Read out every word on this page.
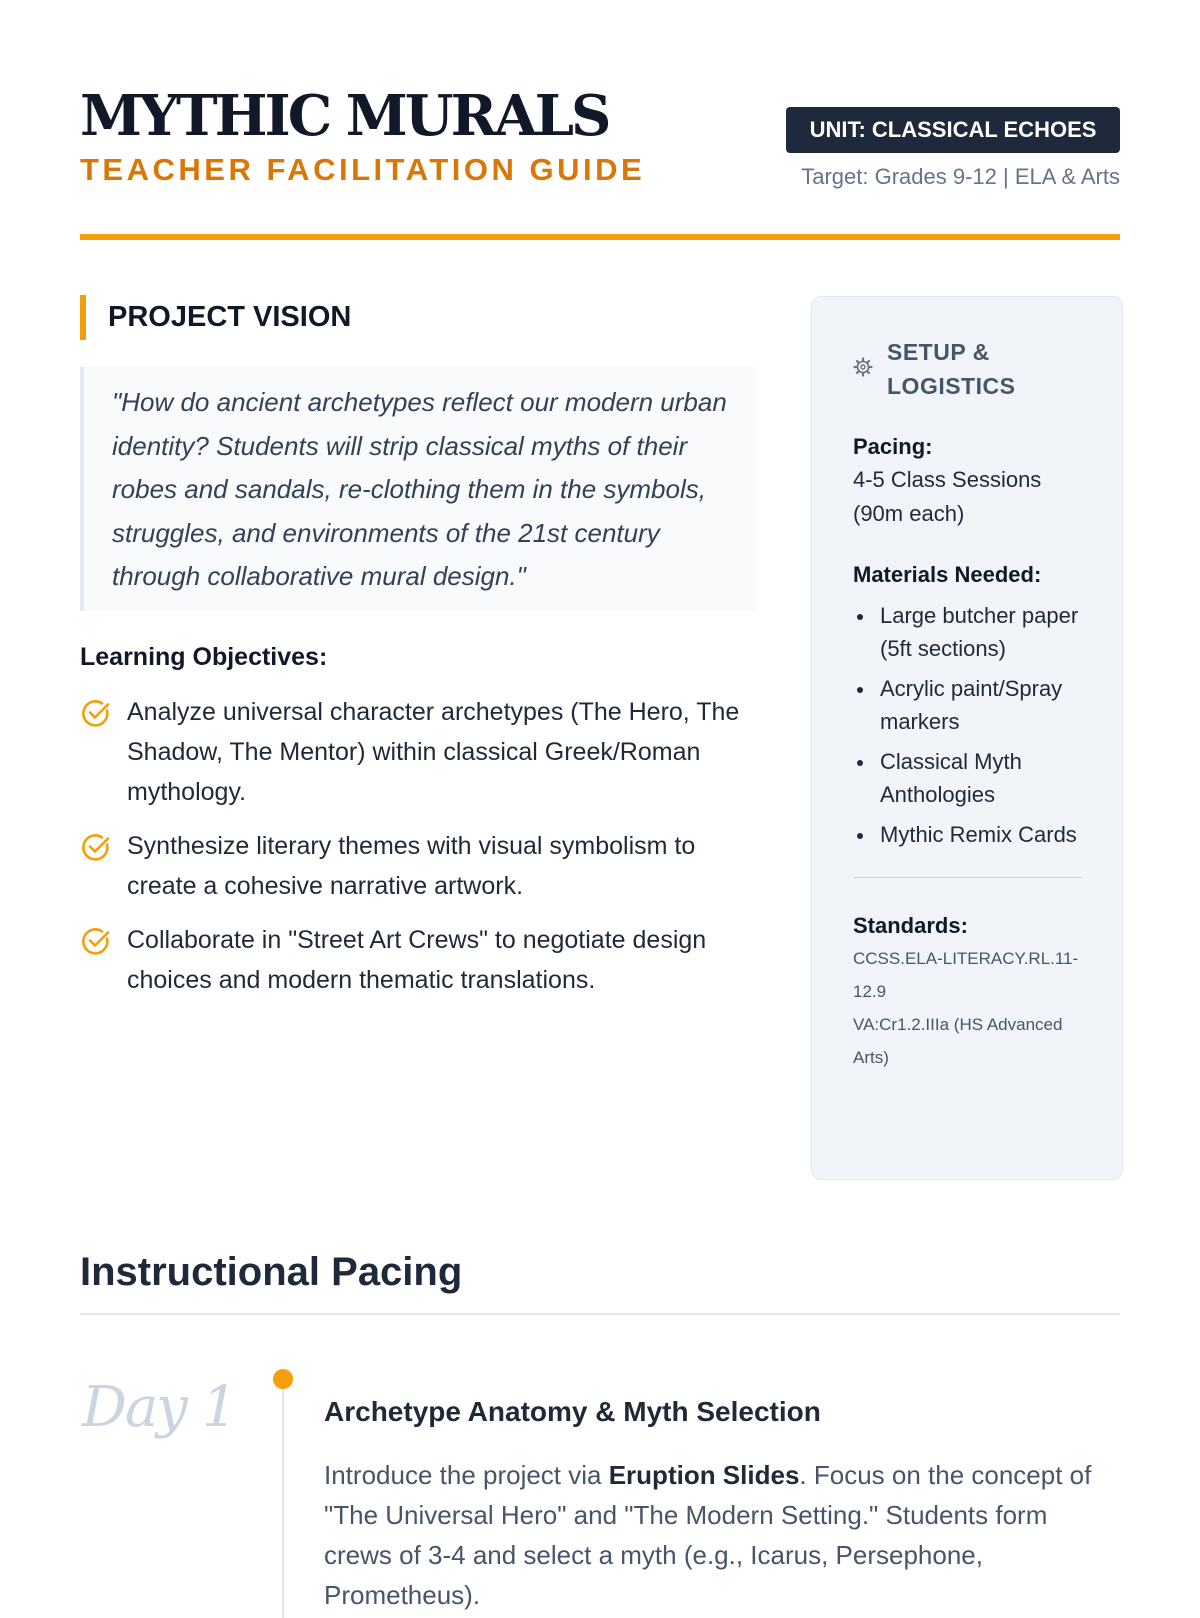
MYTHIC MURALS
TEACHER FACILITATION GUIDE
UNIT: CLASSICAL ECHOES
Target: Grades 9-12 | ELA & Arts
PROJECT VISION
"How do ancient archetypes reflect our modern urban identity? Students will strip classical myths of their robes and sandals, re-clothing them in the symbols, struggles, and environments of the 21st century through collaborative mural design."
Learning Objectives:
Analyze universal character archetypes (The Hero, The Shadow, The Mentor) within classical Greek/Roman mythology.
Synthesize literary themes with visual symbolism to create a cohesive narrative artwork.
Collaborate in "Street Art Crews" to negotiate design choices and modern thematic translations.
SETUP & LOGISTICS
Pacing:
4-5 Class Sessions (90m each)
Materials Needed:
Large butcher paper (5ft sections)
Acrylic paint/Spray markers
Classical Myth Anthologies
Mythic Remix Cards
Standards:
CCSS.ELA-LITERACY.RL.11-12.9
VA:Cr1.2.IIIa (HS Advanced Arts)
Instructional Pacing
Day 1	Archetype Anatomy & Myth Selection

Introduce the project via Eruption Slides. Focus on the concept of "The Universal Hero" and "The Modern Setting." Students form crews of 3-4 and select a myth (e.g., Icarus, Persephone, Prometheus).
